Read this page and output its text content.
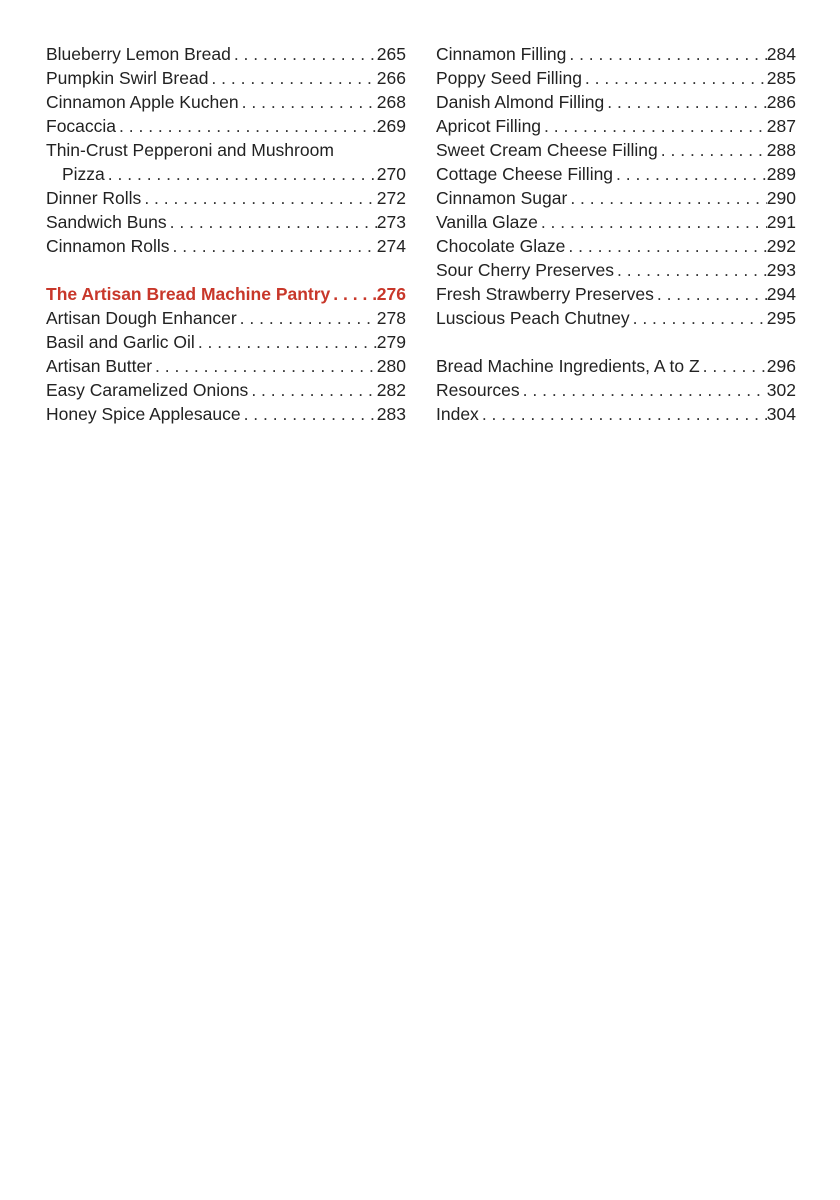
Blueberry Lemon Bread . . .	265
Pumpkin Swirl Bread . . .	266
Cinnamon Apple Kuchen . . .	268
Focaccia . . .	269
Thin-Crust Pepperoni and Mushroom
Pizza . . .	270
Dinner Rolls . . .	272
Sandwich Buns . . .	273
Cinnamon Rolls . . .	274
The Artisan Bread Machine Pantry . . .	276
Artisan Dough Enhancer . . .	278
Basil and Garlic Oil . . .	279
Artisan Butter . . .	280
Easy Caramelized Onions . . .	282
Honey Spice Applesauce . . .	283
Cinnamon Filling . . .	284
Poppy Seed Filling . . .	285
Danish Almond Filling . . .	286
Apricot Filling . . .	287
Sweet Cream Cheese Filling . . .	288
Cottage Cheese Filling . . .	289
Cinnamon Sugar . . .	290
Vanilla Glaze . . .	291
Chocolate Glaze . . .	292
Sour Cherry Preserves . . .	293
Fresh Strawberry Preserves . . .	294
Luscious Peach Chutney . . .	295
Bread Machine Ingredients, A to Z . . .	296
Resources . . .	302
Index . . .	304
